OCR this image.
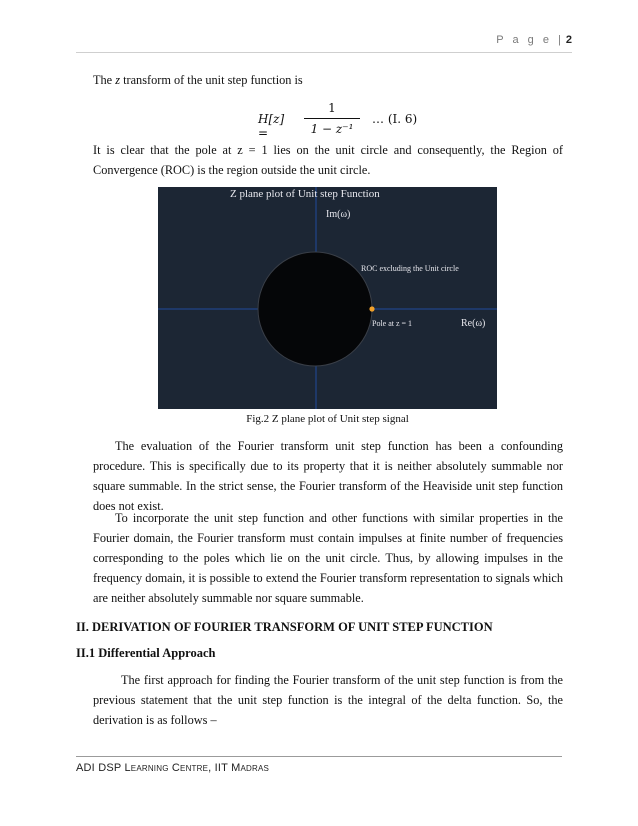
P a g e | 2
The z transform of the unit step function is
H[z] =
1
1 − z⁻¹
… (I. 6)
It is clear that the pole at z = 1 lies on the unit circle and consequently, the Region of Convergence (ROC) is the region outside the unit circle.
Z plane plot of Unit step Function
Im(ω)
Re(ω)
ROC excluding the Unit circle
Pole at z = 1
Fig.2 Z plane plot of Unit step signal
The evaluation of the Fourier transform unit step function has been a confounding procedure. This is specifically due to its property that it is neither absolutely summable nor square summable. In the strict sense, the Fourier transform of the Heaviside unit step function does not exist.
To incorporate the unit step function and other functions with similar properties in the Fourier domain, the Fourier transform must contain impulses at finite number of frequencies corresponding to the poles which lie on the unit circle. Thus, by allowing impulses in the frequency domain, it is possible to extend the Fourier transform representation to signals which are neither absolutely summable nor square summable.
II. DERIVATION OF FOURIER TRANSFORM OF UNIT STEP FUNCTION
II.1 Differential Approach
The first approach for finding the Fourier transform of the unit step function is from the previous statement that the unit step function is the integral of the delta function. So, the derivation is as follows –
ADI DSP Learning Centre, IIT Madras
